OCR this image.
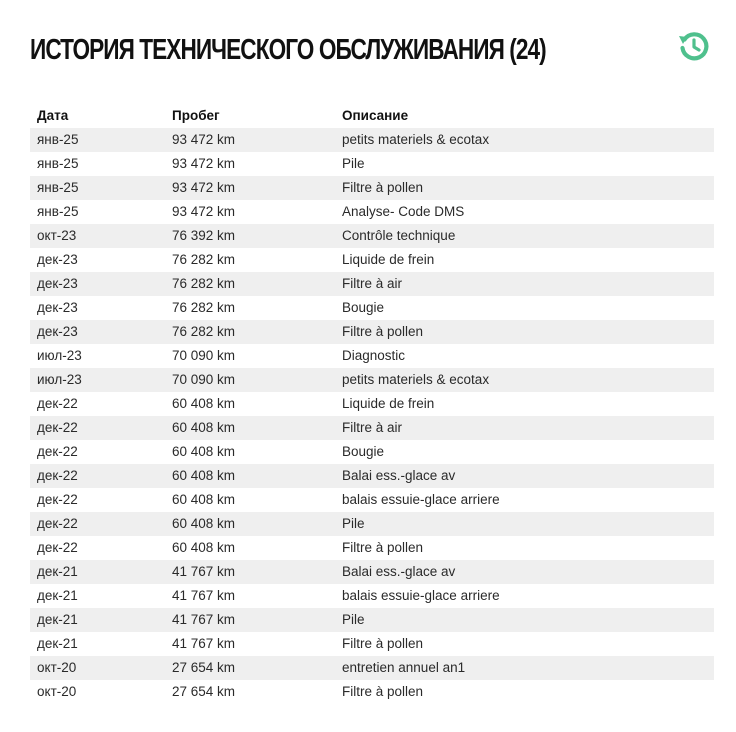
ИСТОРИЯ ТЕХНИЧЕСКОГО ОБСЛУЖИВАНИЯ (24)
Дата	Пробег	Описание
янв-25	93 472 km	petits materiels & ecotax
янв-25	93 472 km	Pile
янв-25	93 472 km	Filtre à pollen
янв-25	93 472 km	Analyse- Code DMS
окт-23	76 392 km	Contrôle technique
дек-23	76 282 km	Liquide de frein
дек-23	76 282 km	Filtre à air
дек-23	76 282 km	Bougie
дек-23	76 282 km	Filtre à pollen
июл-23	70 090 km	Diagnostic
июл-23	70 090 km	petits materiels & ecotax
дек-22	60 408 km	Liquide de frein
дек-22	60 408 km	Filtre à air
дек-22	60 408 km	Bougie
дек-22	60 408 km	Balai ess.-glace av
дек-22	60 408 km	balais essuie-glace arriere
дек-22	60 408 km	Pile
дек-22	60 408 km	Filtre à pollen
дек-21	41 767 km	Balai ess.-glace av
дек-21	41 767 km	balais essuie-glace arriere
дек-21	41 767 km	Pile
дек-21	41 767 km	Filtre à pollen
окт-20	27 654 km	entretien annuel an1
окт-20	27 654 km	Filtre à pollen
